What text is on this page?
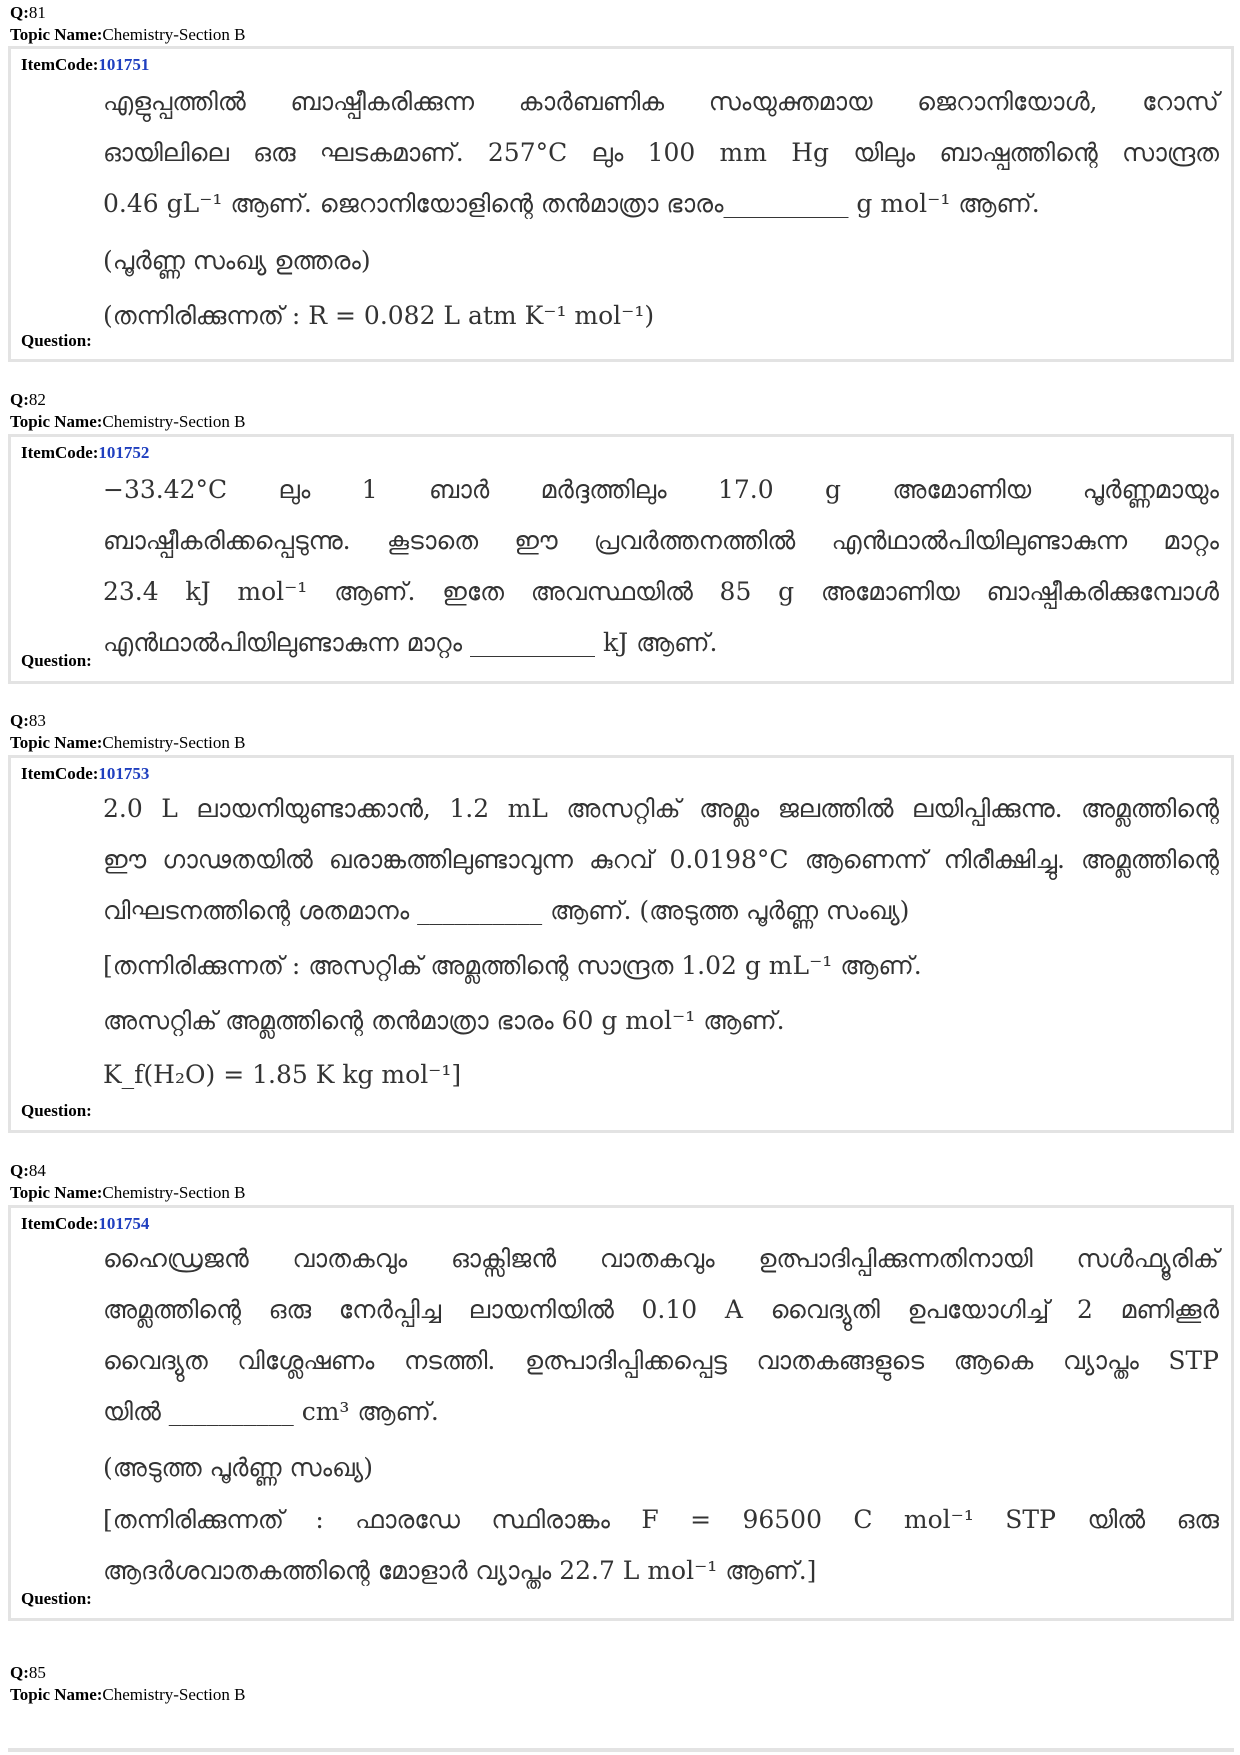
Q:81
Topic Name:Chemistry-Section B
ItemCode:101751
എളുപ്പത്തിൽ ബാഷ്പീകരിക്കുന്ന കാർബണിക സംയുക്തമായ ജെറാനിയോൾ, റോസ്
ഓയിലിലെ ഒരു ഘടകമാണ്. 257°C ലും 100 mm Hg യിലും ബാഷ്പത്തിന്റെ സാന്ദ്രത
0.46 gL⁻¹ ആണ്. ജെറാനിയോളിന്റെ തൻമാത്രാ ഭാരം__________ g mol⁻¹ ആണ്.
(പൂർണ്ണ സംഖ്യ ഉത്തരം)
(തന്നിരിക്കുന്നത് : R = 0.082 L atm K⁻¹ mol⁻¹)
Question:
Q:82
Topic Name:Chemistry-Section B
ItemCode:101752
−33.42°C ലും 1 ബാർ മർദ്ദത്തിലും 17.0 g അമോണിയ പൂർണ്ണമായും
ബാഷ്പീകരിക്കപ്പെടുന്നു. കൂടാതെ ഈ പ്രവർത്തനത്തിൽ എൻഥാൽപിയിലുണ്ടാകുന്ന മാറ്റം
23.4 kJ mol⁻¹ ആണ്. ഇതേ അവസ്ഥയിൽ 85 g അമോണിയ ബാഷ്പീകരിക്കുമ്പോൾ
എൻഥാൽപിയിലുണ്ടാകുന്ന മാറ്റം __________ kJ ആണ്.
Question:
Q:83
Topic Name:Chemistry-Section B
ItemCode:101753
2.0 L ലായനിയുണ്ടാക്കാൻ, 1.2 mL അസറ്റിക് അമ്ലം ജലത്തിൽ ലയിപ്പിക്കുന്നു. അമ്ലത്തിന്റെ
ഈ ഗാഢതയിൽ ഖരാങ്കത്തിലുണ്ടാവുന്ന കുറവ് 0.0198°C ആണെന്ന് നിരീക്ഷിച്ചു. അമ്ലത്തിന്റെ
വിഘടനത്തിന്റെ ശതമാനം __________ ആണ്. (അടുത്ത പൂർണ്ണ സംഖ്യ)
[തന്നിരിക്കുന്നത് : അസറ്റിക് അമ്ലത്തിന്റെ സാന്ദ്രത 1.02 g mL⁻¹ ആണ്.
അസറ്റിക് അമ്ലത്തിന്റെ തൻമാത്രാ ഭാരം 60 g mol⁻¹ ആണ്.
K_f(H₂O) = 1.85 K kg mol⁻¹]
Question:
Q:84
Topic Name:Chemistry-Section B
ItemCode:101754
ഹൈഡ്രജൻ വാതകവും ഓക്സിജൻ വാതകവും ഉത്പാദിപ്പിക്കുന്നതിനായി സൾഫ്യൂരിക്
അമ്ലത്തിന്റെ ഒരു നേർപ്പിച്ച ലായനിയിൽ 0.10 A വൈദ്യുതി ഉപയോഗിച്ച് 2 മണിക്കൂർ
വൈദ്യുത വിശ്ലേഷണം നടത്തി. ഉത്പാദിപ്പിക്കപ്പെട്ട വാതകങ്ങളുടെ ആകെ വ്യാപ്തം STP
യിൽ __________ cm³ ആണ്.
(അടുത്ത പൂർണ്ണ സംഖ്യ)
[തന്നിരിക്കുന്നത് : ഫാരഡേ സ്ഥിരാങ്കം F = 96500 C mol⁻¹ STP യിൽ ഒരു
ആദർശവാതകത്തിന്റെ മോളാർ വ്യാപ്തം 22.7 L mol⁻¹ ആണ്.]
Question:
Q:85
Topic Name:Chemistry-Section B
